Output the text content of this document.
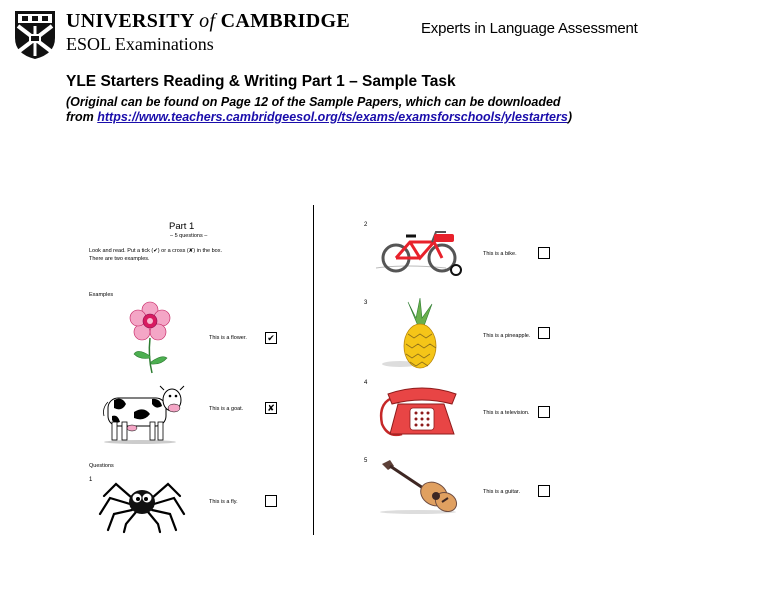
UNIVERSITY of CAMBRIDGE
ESOL Examinations
Experts in Language Assessment
YLE Starters Reading & Writing Part 1 – Sample Task
(Original can be found on Page 12 of the Sample Papers, which can be downloaded
from https://www.teachers.cambridgeesol.org/ts/exams/examsforschools/ylestarters)
Part 1
– 5 questions –
Look and read. Put a tick (✔) or a cross (✘) in the box.
There are two examples.
Examples
Questions
This is a flower. ✔
This is a goat.	✘
1
This is a fly.
2
This is a bike.
3
This is a pineapple.
4
This is a television.
5
This is a guitar.
